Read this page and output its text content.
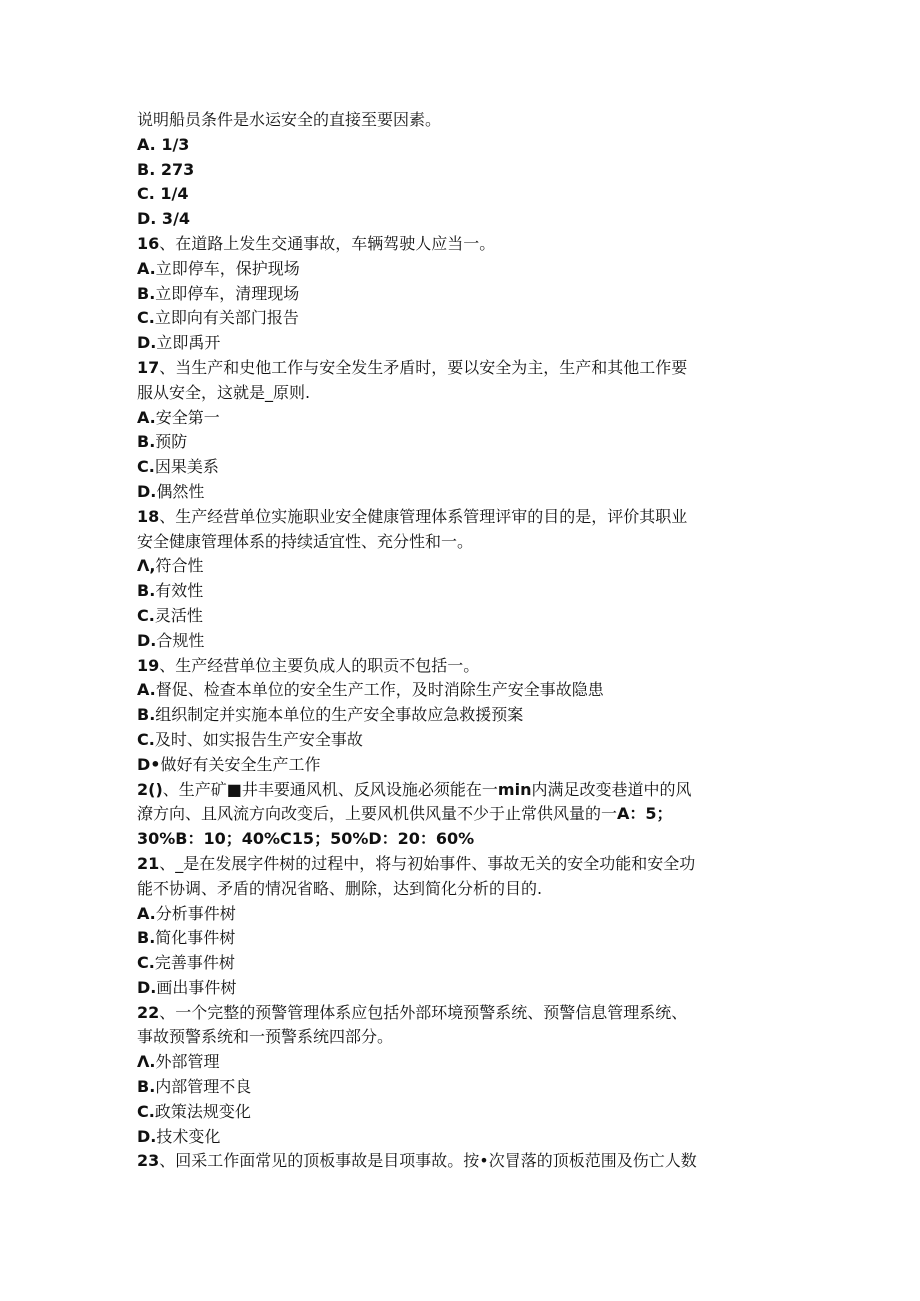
说明船员条件是水运安全的直接至要因素。
A. 1/3
B. 273
C. 1/4
D. 3/4
16、在道路上发生交通事故，车辆驾驶人应当一。
A.立即停车，保护现场
B.立即停车，清理现场
C.立即向有关部门报告
D.立即禹开
17、当生产和史他工作与安全发生矛盾时，要以安全为主，生产和其他工作要
服从安全，这就是_原则.
A.安全第一
B.预防
C.因果美系
D.偶然性
18、生产经营单位实施职业安全健康管理体系管理评审的目的是，评价其职业
安全健康管理体系的持续适宜性、充分性和一。
Λ,符合性
B.有效性
C.灵活性
D.合规性
19、生产经营单位主要负成人的职贡不包括一。
A.督促、检查本单位的安全生产工作，及时消除生产安全事故隐患
B.组织制定并实施本单位的生产安全事故应急救援预案
C.及时、如实报告生产安全事故
D•做好有关安全生产工作
2()、生产矿■井丰要通风机、反风设施必须能在一min内满足改变巷道中的风
潦方向、且风流方向改变后，上要风机供风量不少于止常供风量的一A：5；
30%B：10；40%C15；50%D：20：60%
21、_是在发展字件树的过程中，将与初始事件、事故无关的安全功能和安全功
能不协调、矛盾的情况省略、删除，达到简化分析的目的.
A.分析事件树
B.简化事件树
C.完善事件树
D.画出事件树
22、一个完整的预警管理体系应包括外部环境预警系统、预警信息管理系统、
事故预警系统和一预警系统四部分。
Λ.外部管理
B.内部管理不良
C.政策法规变化
D.技术变化
23、回采工作面常见的顶板事故是目项事故。按•次冒落的顶板范围及伤亡人数
